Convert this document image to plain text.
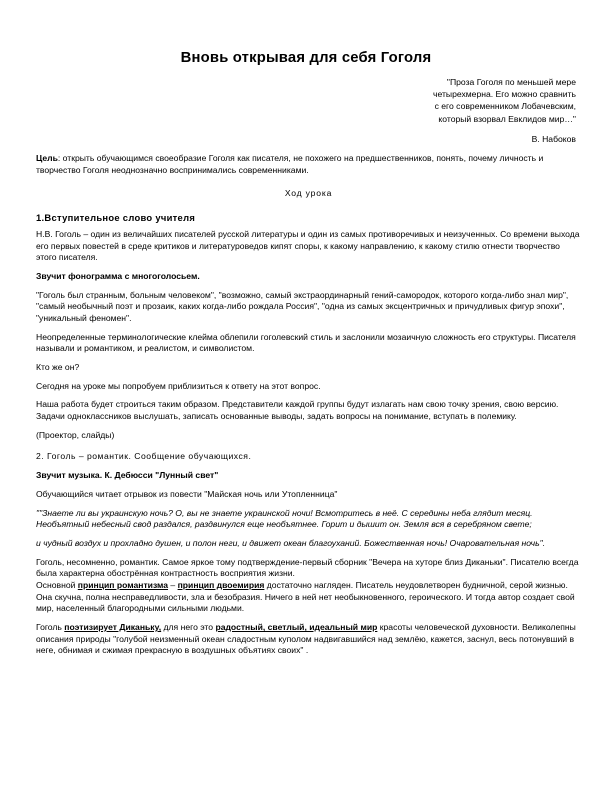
Вновь открывая для себя Гоголя
"Проза Гоголя по меньшей мере
четырехмерна. Его можно сравнить
с его современником Лобачевским,
который взорвал Евклидов мир…"
В. Набоков

Цель: открыть обучающимся своеобразие Гоголя как писателя, не похожего на предшественников, понять, почему личность и творчество Гоголя неоднозначно воспринимались современниками.

Ход урока

1.Вступительное слово учителя

Н.В. Гоголь – один из величайших писателей русской литературы и один из самых противоречивых и неизученных. Со времени выхода его первых повестей в среде критиков и литературоведов кипят споры, к какому направлению, к какому стилю отнести творчество этого писателя.

Звучит фонограмма с многоголосьем.

"Гоголь был странным, больным человеком", "возможно, самый экстраординарный гений-самородок, которого когда-либо знал мир", "самый необычный поэт и прозаик, каких когда-либо рождала Россия", "одна из самых эксцентричных и причудливых фигур эпохи", "уникальный феномен".

Неопределенные терминологические клейма облепили гоголевский стиль и заслонили мозаичную сложность его структуры. Писателя называли и романтиком, и реалистом, и символистом.

Кто же он?

Сегодня на уроке мы попробуем приблизиться к ответу на этот вопрос.

Наша работа будет строиться таким образом. Представители каждой группы будут излагать нам свою точку зрения, свою версию. Задачи одноклассников выслушать, записать основанные выводы, задать вопросы на понимание, вступать в полемику.

(Проектор, слайды)

2. Гоголь – романтик. Сообщение обучающихся.

Звучит музыка. К. Дебюсси "Лунный свет"

Обучающийся читает отрывок из повести "Майская ночь или Утопленница"

""Знаете ли вы украинскую ночь? О, вы не знаете украинской ночи! Всмотритесь в неё. С середины неба глядит месяц. Необъятный небесный свод раздался, раздвинулся еще необъятнее. Горит и дышит он. Земля вся в серебряном свете;

и чудный воздух и прохладно душен, и полон неги, и движет океан благоуханий. Божественная ночь! Очаровательная ночь".

Гоголь, несомненно, романтик. Самое яркое тому подтверждение-первый сборник "Вечера на хуторе близ Диканьки". Писателю всегда была характерна обострённая контрастность восприятия жизни.

Основной принцип романтизма – принцип двоемирия достаточно нагляден. Писатель неудовлетворен будничной, серой жизнью. Она скучна, полна несправедливости, зла и безобразия. Ничего в ней нет необыкновенного, героического. И тогда автор создает свой мир, населенный благородными сильными людьми.

Гоголь поэтизирует Диканьку, для него это радостный, светлый, идеальный мир красоты человеческой духовности. Великолепны описания природы "голубой неизменный океан сладостным куполом надвигавшийся над землёю, кажется, заснул, весь потонувший в неге, обнимая и сжимая прекрасную в воздушных объятиях своих" .
